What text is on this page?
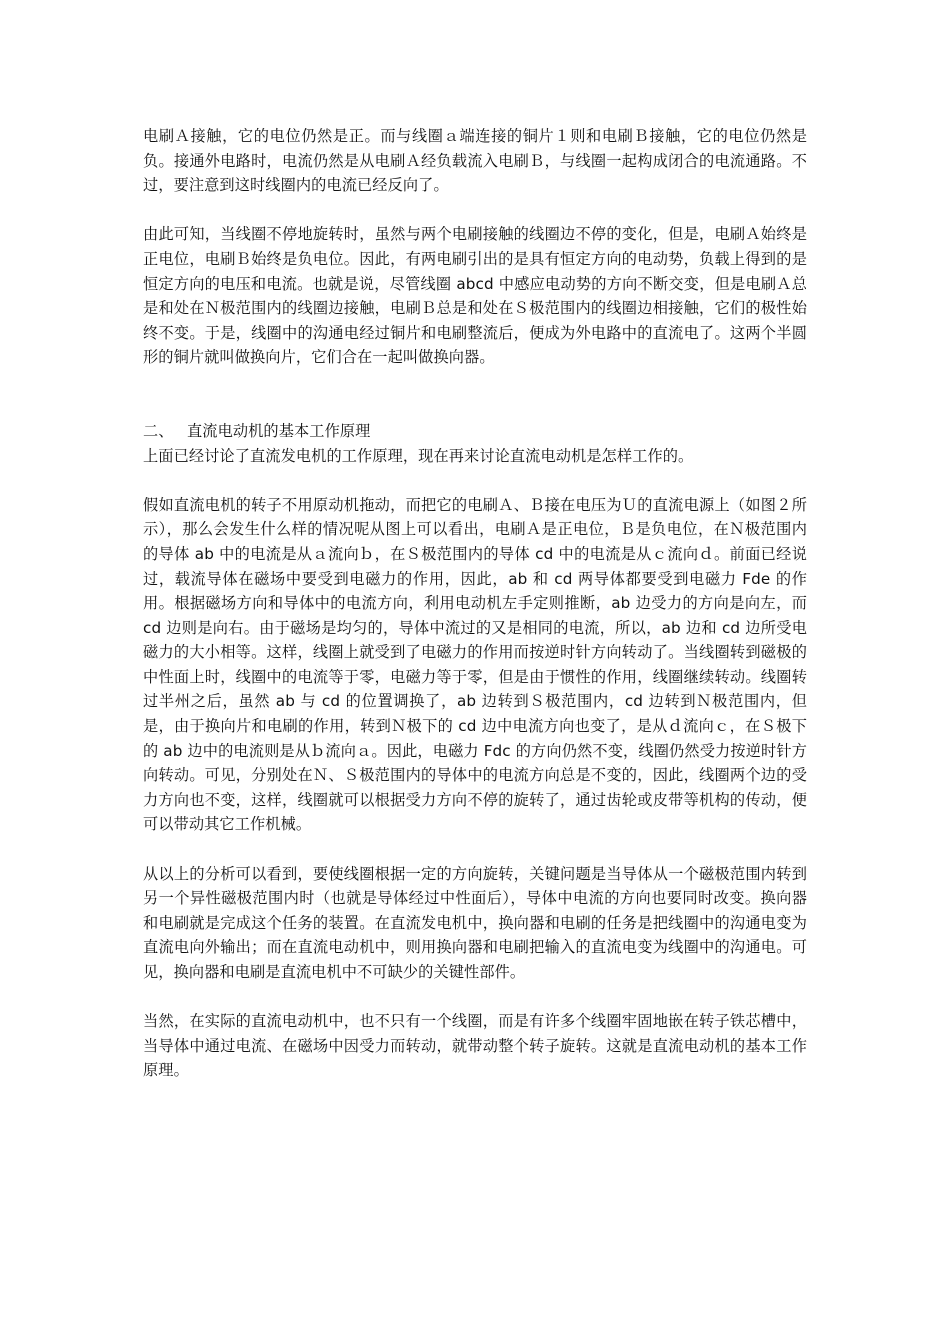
电刷Ａ接触，它的电位仍然是正。而与线圈ａ端连接的铜片１则和电刷Ｂ接触，它的电位仍然是负。接通外电路时，电流仍然是从电刷Ａ经负载流入电刷Ｂ，与线圈一起构成闭合的电流通路。不过，要注意到这时线圈内的电流已经反向了。

由此可知，当线圈不停地旋转时，虽然与两个电刷接触的线圈边不停的变化，但是，电刷Ａ始终是正电位，电刷Ｂ始终是负电位。因此，有两电刷引出的是具有恒定方向的电动势，负载上得到的是恒定方向的电压和电流。也就是说，尽管线圈 abcd 中感应电动势的方向不断交变，但是电刷Ａ总是和处在Ｎ极范围内的线圈边接触，电刷Ｂ总是和处在Ｓ极范围内的线圈边相接触，它们的极性始终不变。于是，线圈中的沟通电经过铜片和电刷整流后，便成为外电路中的直流电了。这两个半圆形的铜片就叫做换向片，它们合在一起叫做换向器。

二、 直流电动机的基本工作原理

上面已经讨论了直流发电机的工作原理，现在再来讨论直流电动机是怎样工作的。

假如直流电机的转子不用原动机拖动，而把它的电刷Ａ、Ｂ接在电压为Ｕ的直流电源上（如图２所示），那么会发生什么样的情况呢从图上可以看出，电刷Ａ是正电位，Ｂ是负电位，在Ｎ极范围内的导体 ab 中的电流是从ａ流向ｂ，在Ｓ极范围内的导体 cd 中的电流是从ｃ流向ｄ。前面已经说过，载流导体在磁场中要受到电磁力的作用，因此，ab 和 cd 两导体都要受到电磁力 Fde 的作用。根据磁场方向和导体中的电流方向，利用电动机左手定则推断，ab 边受力的方向是向左，而 cd 边则是向右。由于磁场是均匀的，导体中流过的又是相同的电流，所以，ab 边和 cd 边所受电磁力的大小相等。这样，线圈上就受到了电磁力的作用而按逆时针方向转动了。当线圈转到磁极的中性面上时，线圈中的电流等于零，电磁力等于零，但是由于惯性的作用，线圈继续转动。线圈转过半州之后，虽然 ab 与 cd 的位置调换了，ab 边转到Ｓ极范围内，cd 边转到Ｎ极范围内，但是，由于换向片和电刷的作用，转到Ｎ极下的 cd 边中电流方向也变了，是从ｄ流向ｃ，在Ｓ极下的 ab 边中的电流则是从ｂ流向ａ。因此，电磁力 Fdc 的方向仍然不变，线圈仍然受力按逆时针方向转动。可见，分别处在Ｎ、Ｓ极范围内的导体中的电流方向总是不变的，因此，线圈两个边的受力方向也不变，这样，线圈就可以根据受力方向不停的旋转了，通过齿轮或皮带等机构的传动，便可以带动其它工作机械。

从以上的分析可以看到，要使线圈根据一定的方向旋转，关键问题是当导体从一个磁极范围内转到另一个异性磁极范围内时（也就是导体经过中性面后），导体中电流的方向也要同时改变。换向器和电刷就是完成这个任务的装置。在直流发电机中，换向器和电刷的任务是把线圈中的沟通电变为直流电向外输出；而在直流电动机中，则用换向器和电刷把输入的直流电变为线圈中的沟通电。可见，换向器和电刷是直流电机中不可缺少的关键性部件。

当然，在实际的直流电动机中，也不只有一个线圈，而是有许多个线圈牢固地嵌在转子铁芯槽中，当导体中通过电流、在磁场中因受力而转动，就带动整个转子旋转。这就是直流电动机的基本工作原理。
